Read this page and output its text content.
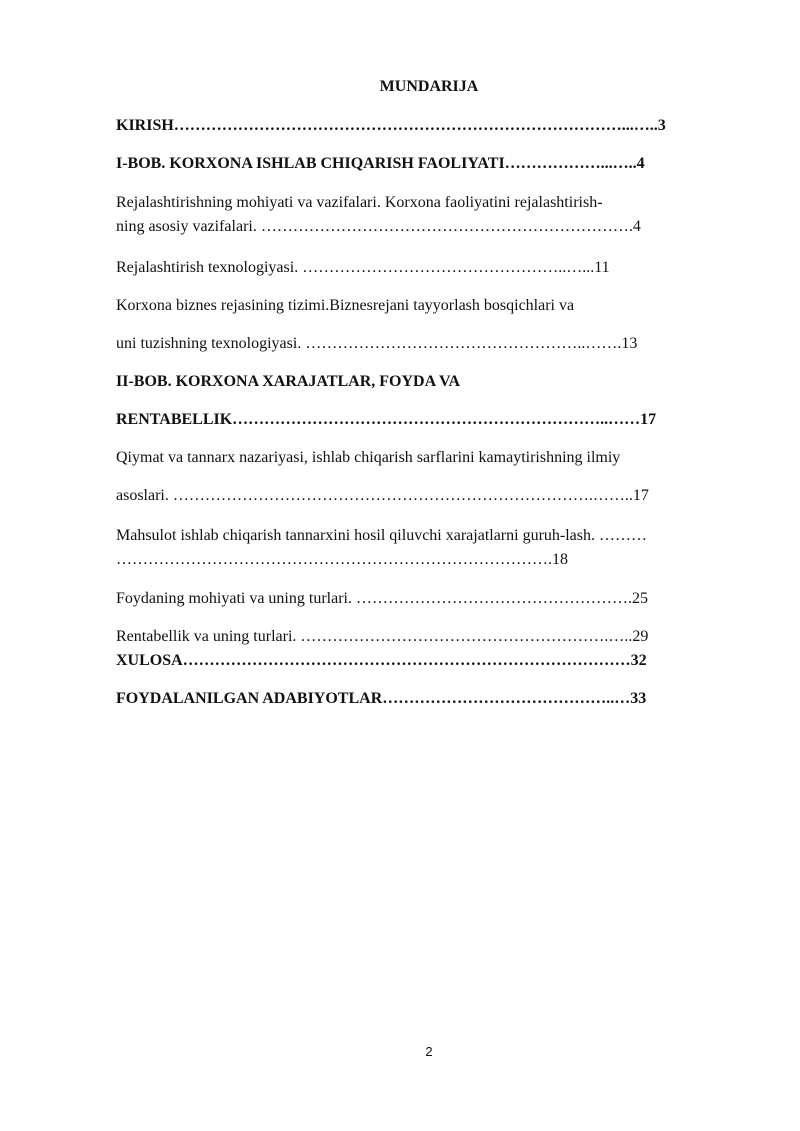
MUNDARIJA
KIRISH…………………………………………………………………………...…..3
I-BOB. KORXONA ISHLAB CHIQARISH FAOLIYATI………………...…..4
Rejalashtirishning mohiyati va vazifalari. Korxona faoliyatini rejalashtirish-
ning asosiy vazifalari. …………………………………………………………….4
Rejalashtirish texnologiyasi. …………………………………………..…...11
Korxona biznes rejasining tizimi.Biznesrejani tayyorlash bosqichlari va
uni tuzishning texnologiyasi. ……………………………………………..…….13
II-BOB. KORXONA XARAJATLAR, FOYDA VA
RENTABELLIK……………………………………………………………..……17
Qiymat va tannarx nazariyasi, ishlab chiqarish sarflarini kamaytirishning ilmiy
asoslari. …………………………………………………………………….……..17
Mahsulot ishlab chiqarish tannarxini hosil qiluvchi xarajatlarni guruh-lash. ………
……………………………………………………………………….18
Foydaning mohiyati va uning turlari. …………………………………………….25
Rentabellik va uning turlari. ………………………………………………….…..29
XULOSA…………………………………………………………………………32
FOYDALANILGAN ADABIYOTLAR……………………………………..…33
2
